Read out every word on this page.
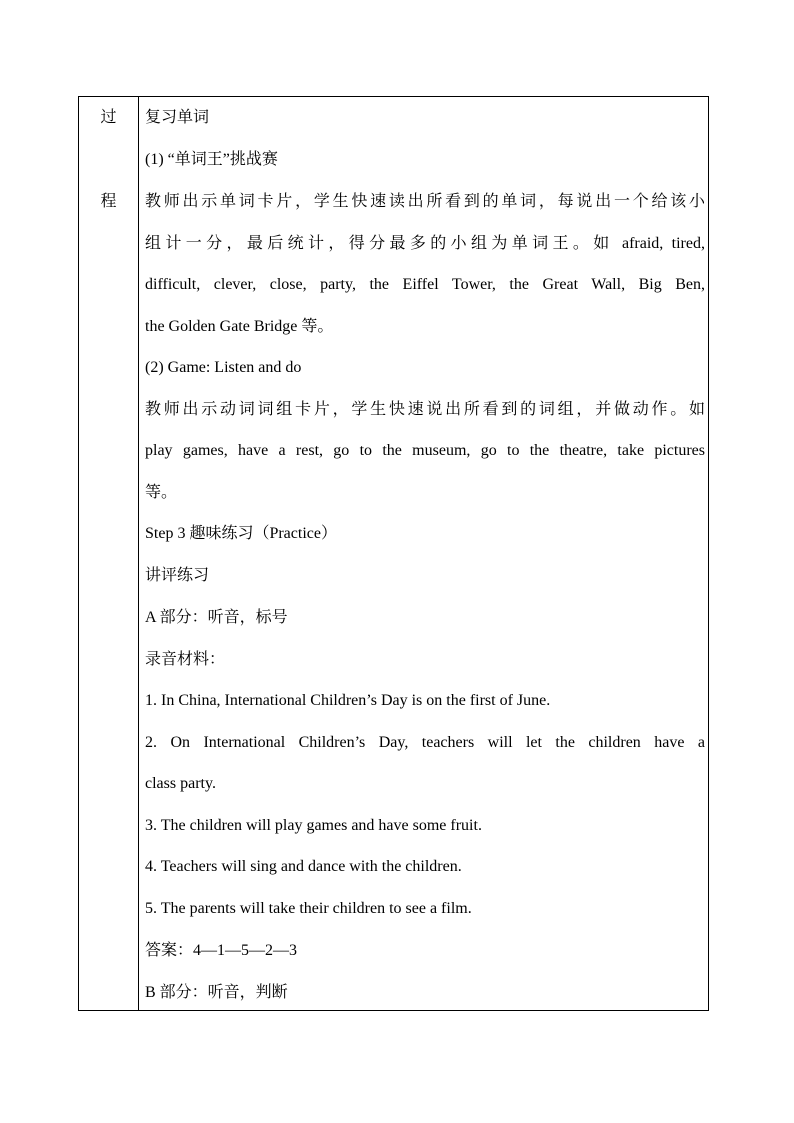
过
程
复习单词
(1) “单词王”挑战赛
教师出示单词卡片，学生快速读出所看到的单词，每说出一个给该小
组计一分，最后统计，得分最多的小组为单词王。如 afraid, tired,
difficult, clever, close, party, the Eiffel Tower, the Great Wall, Big Ben,
the Golden Gate Bridge 等。
(2) Game: Listen and do
教师出示动词词组卡片，学生快速说出所看到的词组，并做动作。如
play games, have a rest, go to the museum, go to the theatre, take pictures
等。
Step 3 趣味练习（Practice）
讲评练习
A 部分：听音，标号
录音材料：
1. In China, International Children’s Day is on the first of June.
2. On International Children’s Day, teachers will let the children have a
class party.
3. The children will play games and have some fruit.
4. Teachers will sing and dance with the children.
5. The parents will take their children to see a film.
答案：4—1—5—2—3
B 部分：听音，判断
